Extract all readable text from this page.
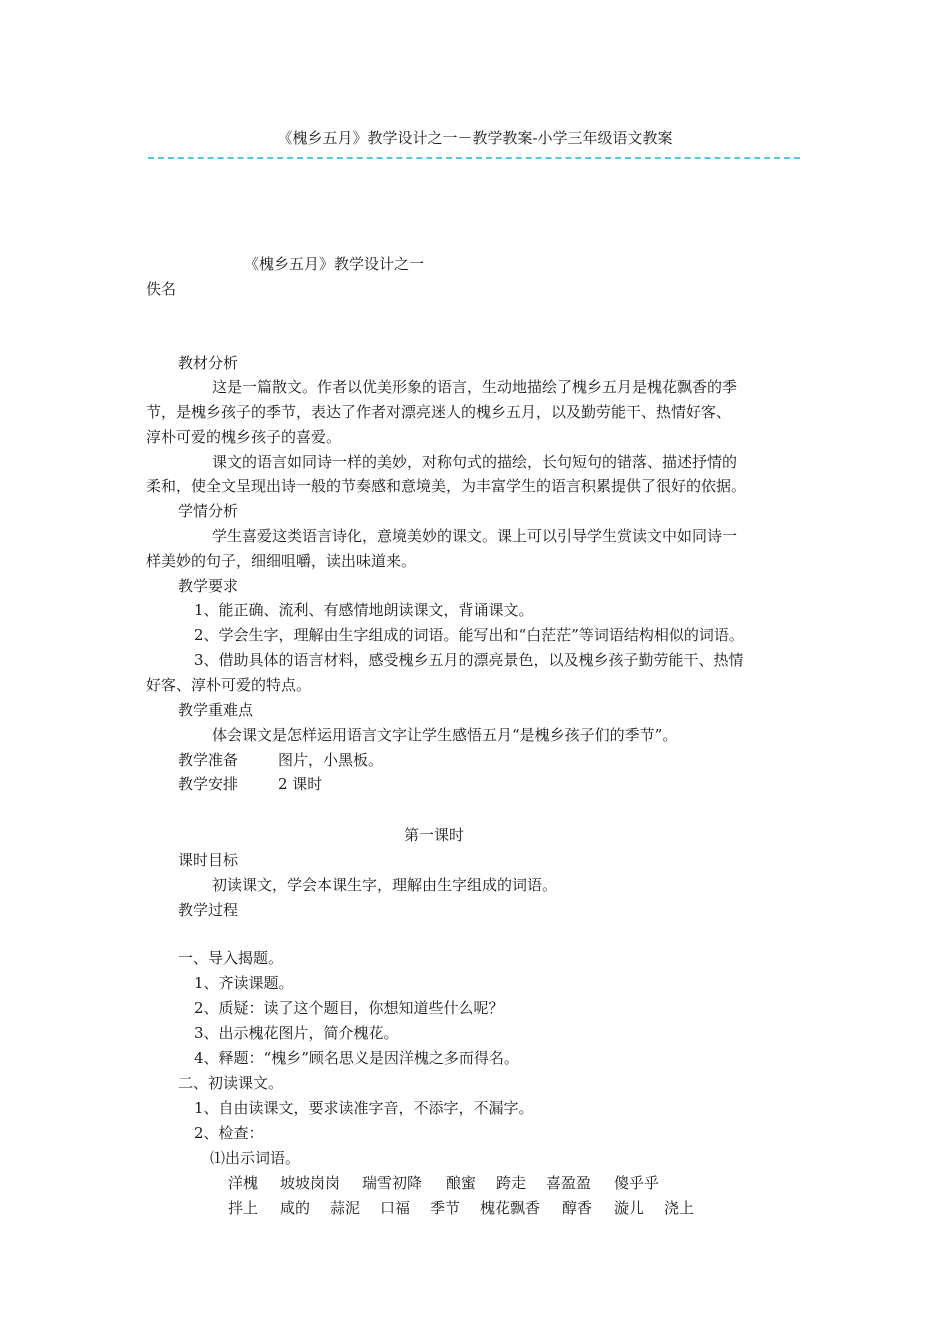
《槐乡五月》教学设计之一－教学教案-小学三年级语文教案
《槐乡五月》教学设计之一
佚名
教材分析
这是一篇散文。作者以优美形象的语言，生动地描绘了槐乡五月是槐花飘香的季
节，是槐乡孩子的季节，表达了作者对漂亮迷人的槐乡五月，以及勤劳能干、热情好客、
淳朴可爱的槐乡孩子的喜爱。
课文的语言如同诗一样的美妙，对称句式的描绘，长句短句的错落、描述抒情的
柔和，使全文呈现出诗一般的节奏感和意境美，为丰富学生的语言积累提供了很好的依据。
学情分析
学生喜爱这类语言诗化，意境美妙的课文。课上可以引导学生赏读文中如同诗一
样美妙的句子，细细咀嚼，读出味道来。
教学要求
1、能正确、流利、有感情地朗读课文，背诵课文。
2、学会生字，理解由生字组成的词语。能写出和“白茫茫”等词语结构相似的词语。
3、借助具体的语言材料，感受槐乡五月的漂亮景色，以及槐乡孩子勤劳能干、热情
好客、淳朴可爱的特点。
教学重难点
体会课文是怎样运用语言文字让学生感悟五月“是槐乡孩子们的季节”。
教学准备	图片，小黑板。
教学安排	2 课时
第一课时
课时目标
初读课文，学会本课生字，理解由生字组成的词语。
教学过程
一、导入揭题。
1、齐读课题。
2、质疑：读了这个题目，你想知道些什么呢？
3、出示槐花图片，简介槐花。
4、释题：“槐乡”顾名思义是因洋槐之多而得名。
二、初读课文。
1、自由读课文，要求读准字音，不添字，不漏字。
2、检查：
⑴出示词语。
洋槐 坡坡岗岗 瑞雪初降 酿蜜 跨走 喜盈盈 傻乎乎
拌上 咸的 蒜泥 口福 季节 槐花飘香 醇香 漩儿 浇上
